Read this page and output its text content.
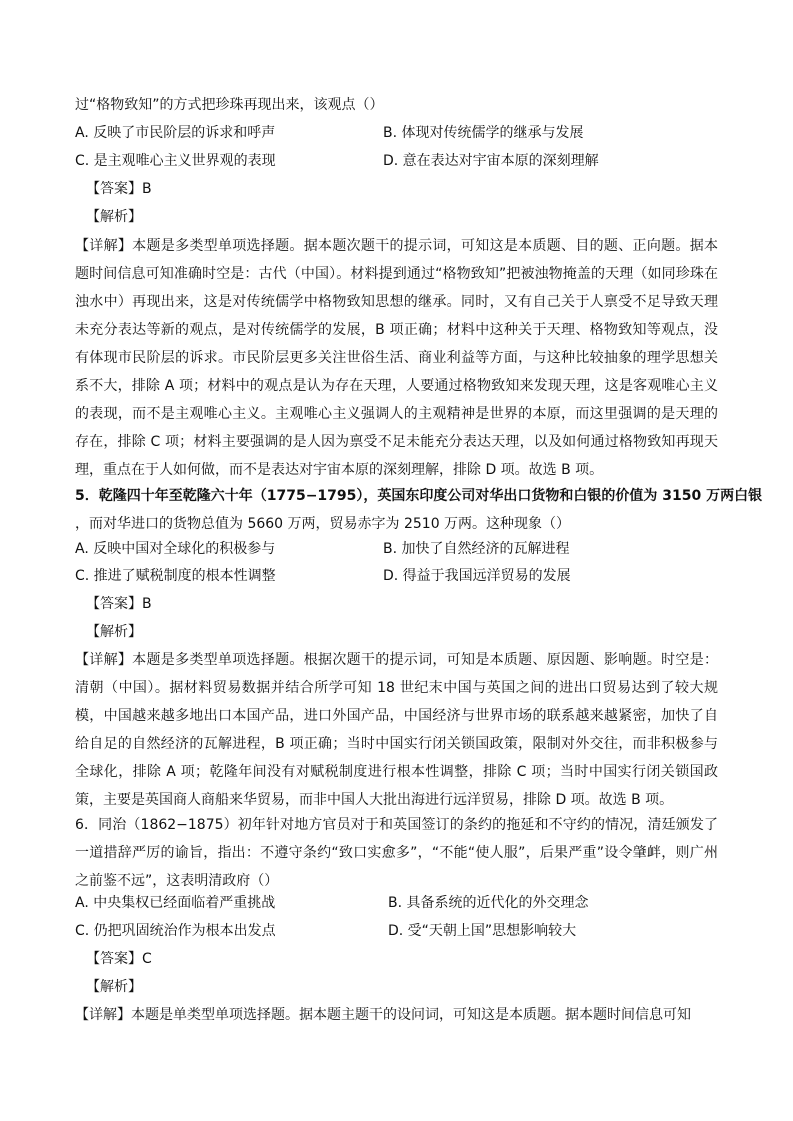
过“格物致知”的方式把珍珠再现出来，该观点（）
A. 反映了市民阶层的诉求和呼声	B. 体现对传统儒学的继承与发展
C. 是主观唯心主义世界观的表现	D. 意在表达对宇宙本原的深刻理解
【答案】B
【解析】
【详解】本题是多类型单项选择题。据本题次题干的提示词，可知这是本质题、目的题、正向题。据本题时间信息可知准确时空是：古代（中国）。材料提到通过“格物致知”把被浊物掩盖的天理（如同珍珠在浊水中）再现出来，这是对传统儒学中格物致知思想的继承。同时，又有自己关于人禀受不足导致天理未充分表达等新的观点，是对传统儒学的发展，B 项正确；材料中这种关于天理、格物致知等观点，没有体现市民阶层的诉求。市民阶层更多关注世俗生活、商业利益等方面，与这种比较抽象的理学思想关系不大，排除 A 项；材料中的观点是认为存在天理，人要通过格物致知来发现天理，这是客观唯心主义的表现，而不是主观唯心主义。主观唯心主义强调人的主观精神是世界的本原，而这里强调的是天理的存在，排除 C 项；材料主要强调的是人因为禀受不足未能充分表达天理，以及如何通过格物致知再现天理，重点在于人如何做，而不是表达对宇宙本原的深刻理解，排除 D 项。故选 B 项。
5．乾隆四十年至乾隆六十年（1775−1795），英国东印度公司对华出口货物和白银的价值为 3150 万两白银
，而对华进口的货物总值为 5660 万两，贸易赤字为 2510 万两。这种现象（）
A. 反映中国对全球化的积极参与	B. 加快了自然经济的瓦解进程
C. 推进了赋税制度的根本性调整	D. 得益于我国远洋贸易的发展
【答案】B
【解析】
【详解】本题是多类型单项选择题。根据次题干的提示词，可知是本质题、原因题、影响题。时空是：清朝（中国）。据材料贸易数据并结合所学可知 18 世纪末中国与英国之间的进出口贸易达到了较大规模，中国越来越多地出口本国产品，进口外国产品，中国经济与世界市场的联系越来越紧密，加快了自给自足的自然经济的瓦解进程，B 项正确；当时中国实行闭关锁国政策，限制对外交往，而非积极参与全球化，排除 A 项；乾隆年间没有对赋税制度进行根本性调整，排除 C 项；当时中国实行闭关锁国政策，主要是英国商人商船来华贸易，而非中国人大批出海进行远洋贸易，排除 D 项。故选 B 项。
6．同治（1862−1875）初年针对地方官员对于和英国签订的条约的拖延和不守约的情况，清廷颁发了一道措辞严厉的谕旨，指出：不遵守条约“致口实愈多”，“不能“使人服”，后果严重”设令肇衅，则广州之前鉴不远”，这表明清政府（）
A. 中央集权已经面临着严重挑战	B. 具备系统的近代化的外交理念
C. 仍把巩固统治作为根本出发点	D. 受“天朝上国”思想影响较大
【答案】C
【解析】
【详解】本题是单类型单项选择题。据本题主题干的设问词，可知这是本质题。据本题时间信息可知
